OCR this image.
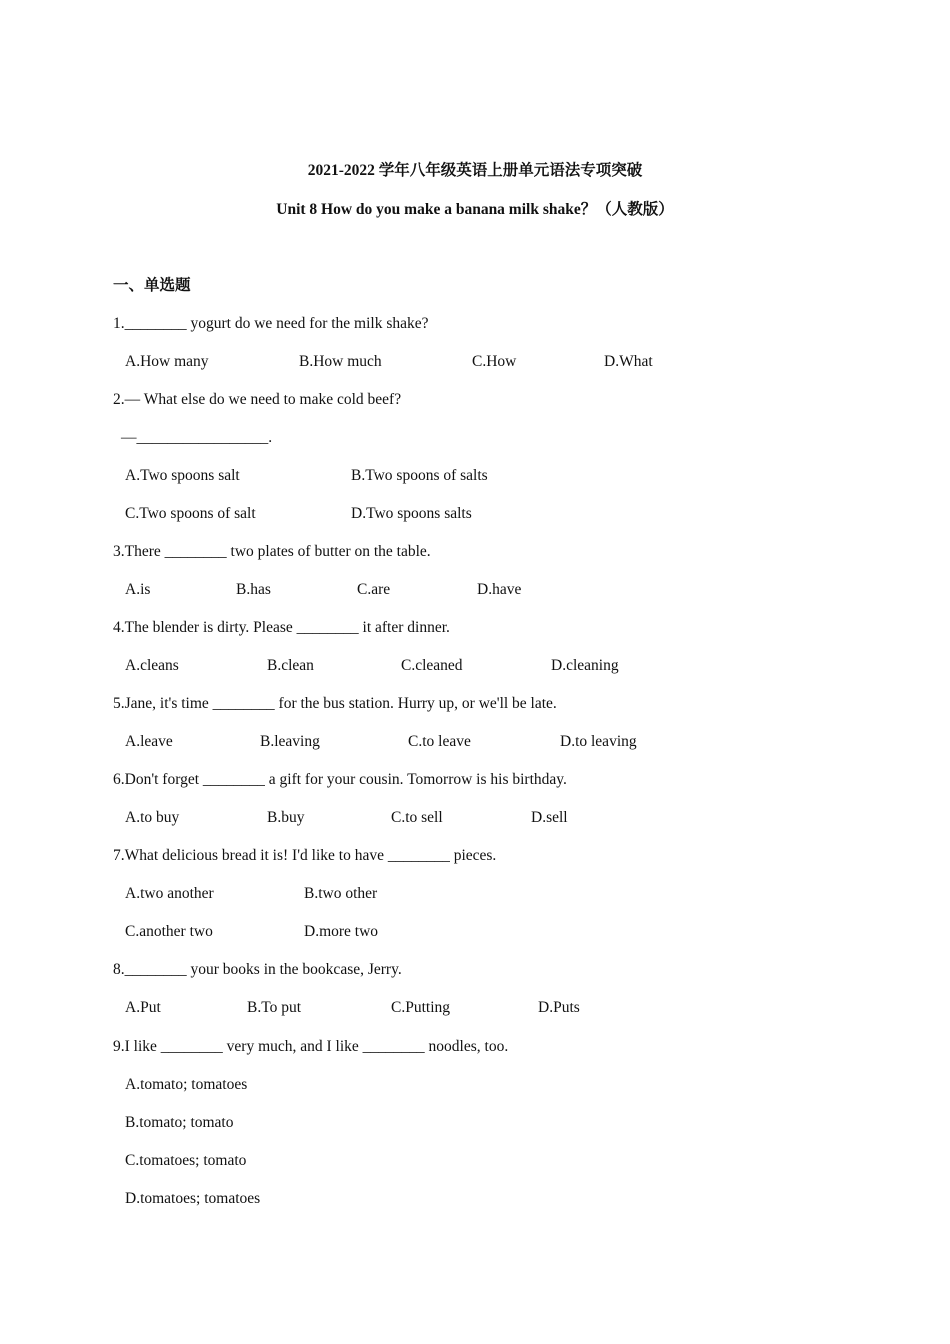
2021-2022 学年八年级英语上册单元语法专项突破
Unit 8 How do you make a banana milk shake？（人教版）
一、单选题
1.________ yogurt do we need for the milk shake?
A.How many	B.How much	C.How	D.What
2.— What else do we need to make cold beef?
—_________________.
A.Two spoons salt	B.Two spoons of salts
C.Two spoons of salt	D.Two spoons salts
3.There ________ two plates of butter on the table.
A.is	B.has	C.are	D.have
4.The blender is dirty. Please ________ it after dinner.
A.cleans	B.clean	C.cleaned	D.cleaning
5.Jane, it's time ________ for the bus station. Hurry up, or we'll be late.
A.leave	B.leaving	C.to leave	D.to leaving
6.Don't forget ________ a gift for your cousin. Tomorrow is his birthday.
A.to buy	B.buy	C.to sell	D.sell
7.What delicious bread it is! I'd like to have ________ pieces.
A.two another	B.two other
C.another two	D.more two
8.________ your books in the bookcase, Jerry.
A.Put	B.To put	C.Putting	D.Puts
9.I like ________ very much, and I like ________ noodles, too.
A.tomato; tomatoes
B.tomato; tomato
C.tomatoes; tomato
D.tomatoes; tomatoes
